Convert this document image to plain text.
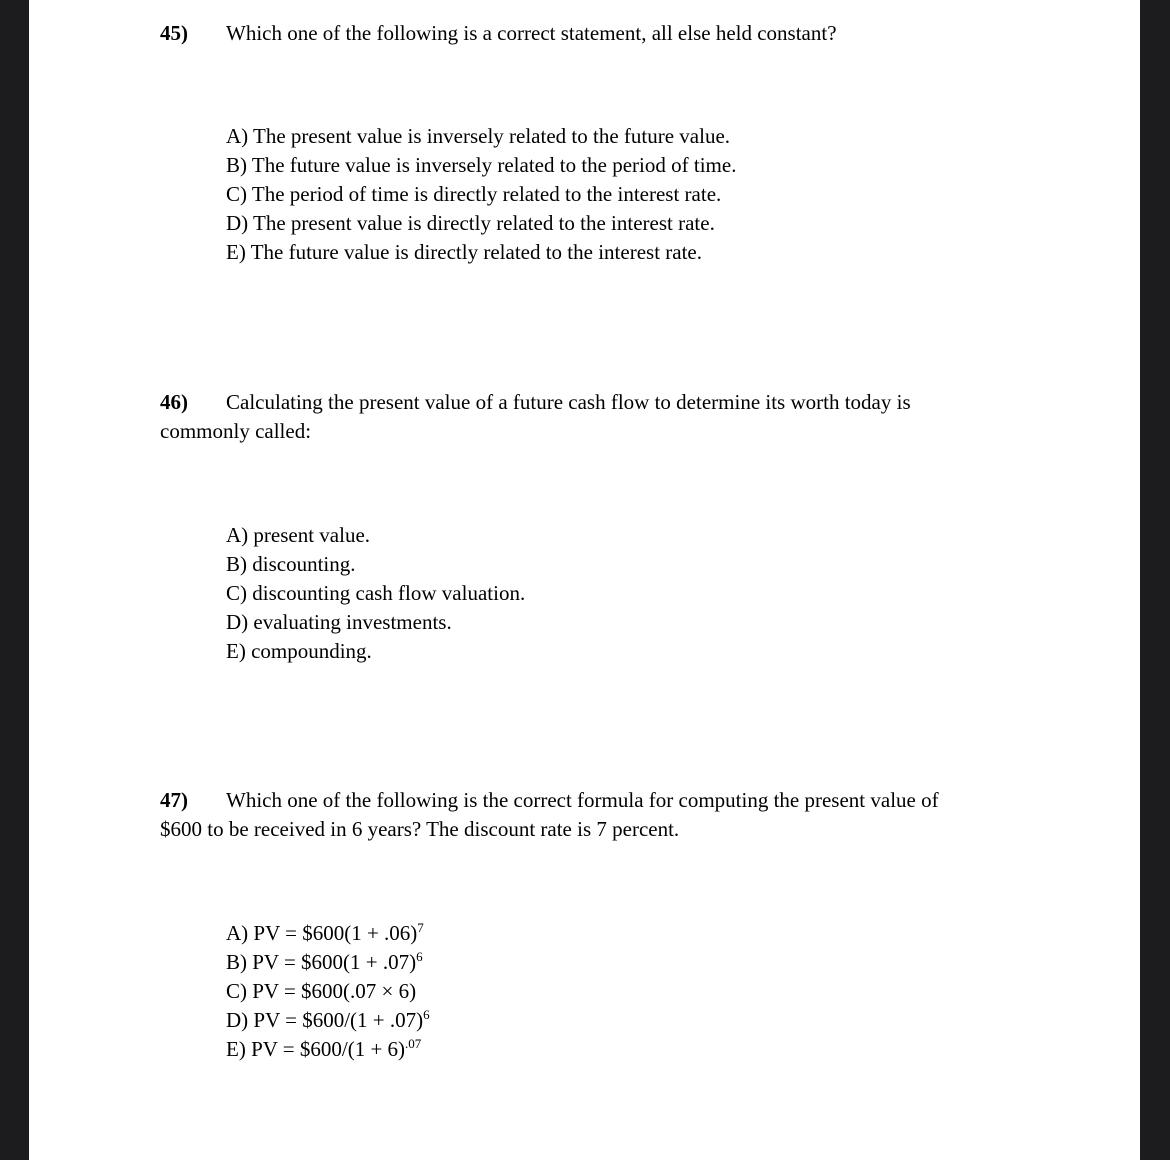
45) Which one of the following is a correct statement, all else held constant?

A) The present value is inversely related to the future value.
B) The future value is inversely related to the period of time.
C) The period of time is directly related to the interest rate.
D) The present value is directly related to the interest rate.
E) The future value is directly related to the interest rate.

46) Calculating the present value of a future cash flow to determine its worth today is commonly called:

A) present value.
B) discounting.
C) discounting cash flow valuation.
D) evaluating investments.
E) compounding.

47) Which one of the following is the correct formula for computing the present value of $600 to be received in 6 years? The discount rate is 7 percent.

A) PV = $600(1 + .06)$^7$
B) PV = $600(1 + .07)$^6$
C) PV = $600(.07 × 6)
D) PV = $600/(1 + .07)$^6$
E) PV = $600/(1 + 6)$^{.07}$
